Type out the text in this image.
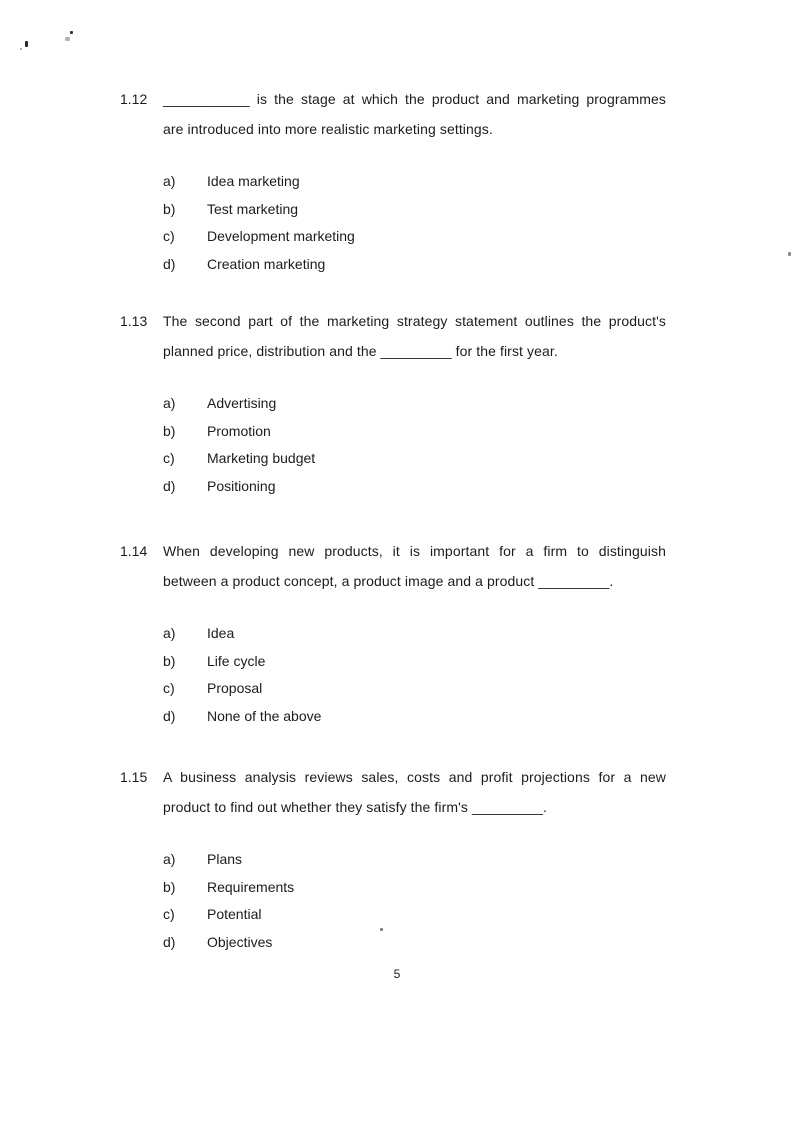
1.12	___________ is the stage at which the product and marketing programmes
are introduced into more realistic marketing settings.
a)	Idea marketing
b)	Test marketing
c)	Development marketing
d)	Creation marketing
1.13	The second part of the marketing strategy statement outlines the product's
planned price, distribution and the _________ for the first year.
a)	Advertising
b)	Promotion
c)	Marketing budget
d)	Positioning
1.14	When developing new products, it is important for a firm to distinguish
between a product concept, a product image and a product _________.
a)	Idea
b)	Life cycle
c)	Proposal
d)	None of the above
1.15	A business analysis reviews sales, costs and profit projections for a new
product to find out whether they satisfy the firm's _________.
a)	Plans
b)	Requirements
c)	Potential
d)	Objectives
5
